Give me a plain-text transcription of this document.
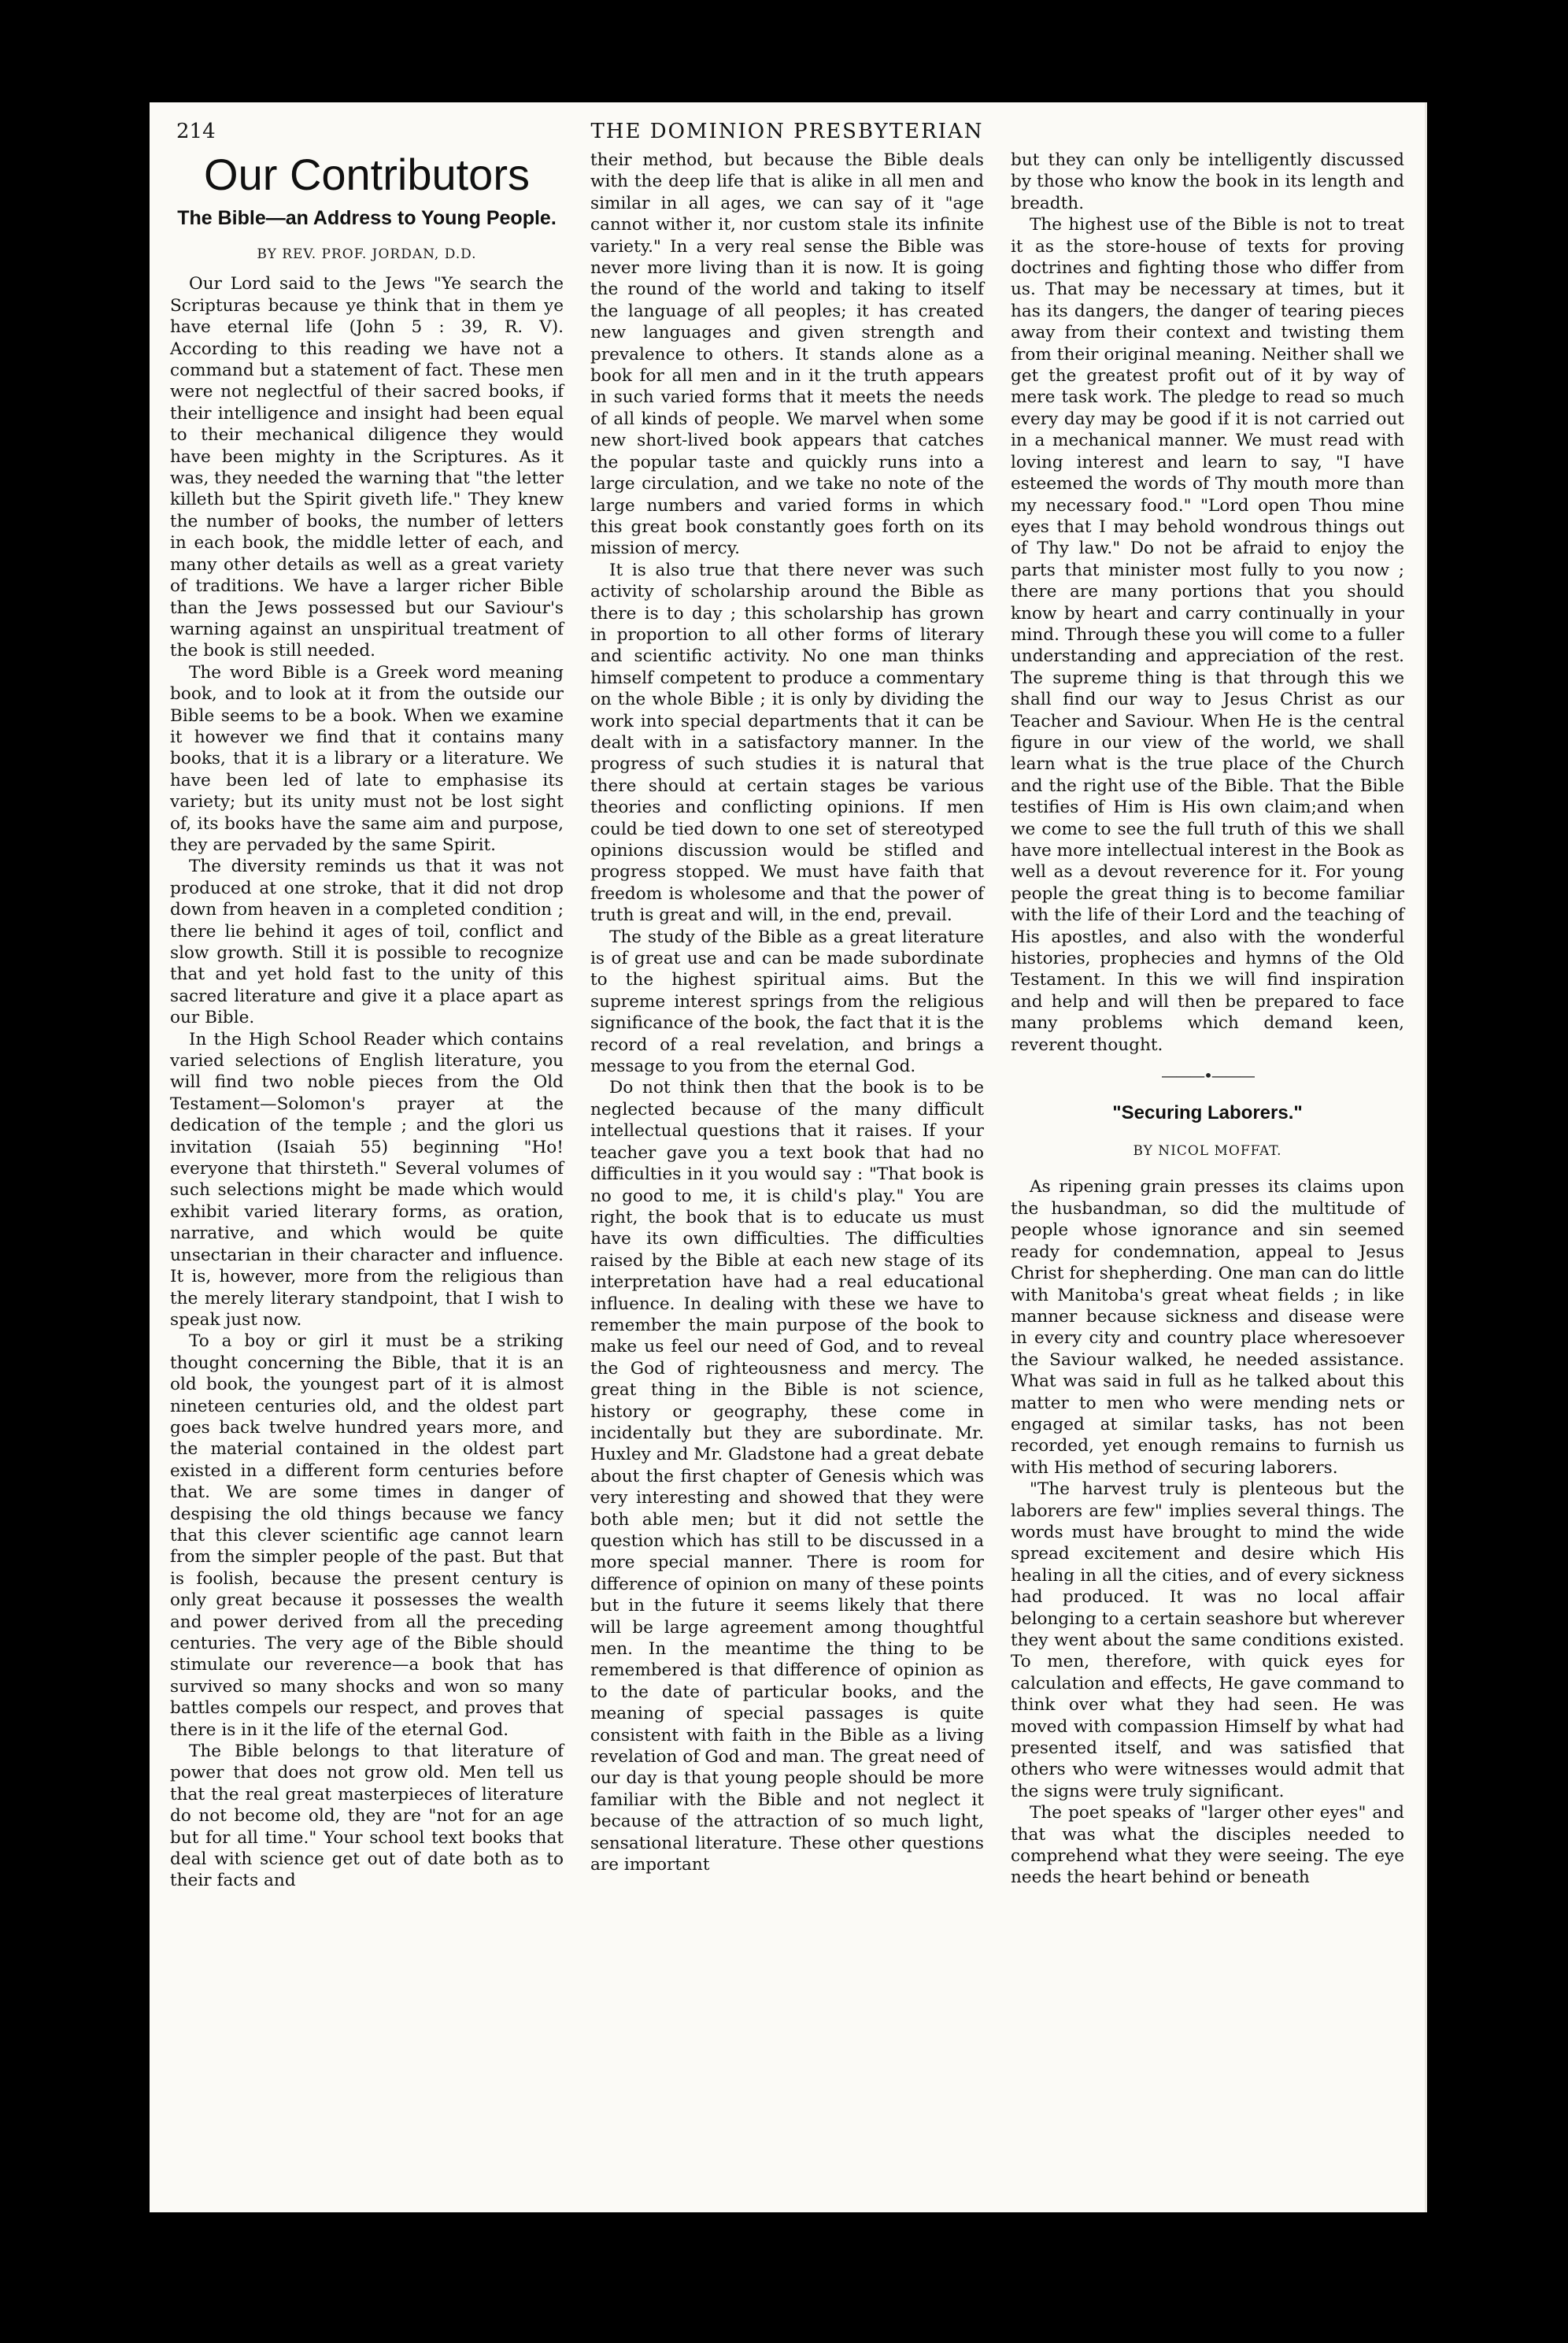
214	THE DOMINION PRESBYTERIAN
Our Contributors
The Bible—an Address to Young People.
BY REV. PROF. JORDAN, D.D.

Our Lord said to the Jews "Ye search the Scripturas because ye think that in them ye have eternal life (John 5 : 39, R. V). According to this reading we have not a command but a statement of fact. These men were not neglectful of their sacred books, if their intelligence and insight had been equal to their mechanical diligence they would have been mighty in the Scriptures. As it was, they needed the warning that "the letter killeth but the Spirit giveth life." They knew the number of books, the number of letters in each book, the middle letter of each, and many other details as well as a great variety of traditions. We have a larger richer Bible than the Jews possessed but our Saviour's warning against an unspiritual treatment of the book is still needed.

The word Bible is a Greek word meaning book, and to look at it from the outside our Bible seems to be a book. When we examine it however we find that it contains many books, that it is a library or a literature. We have been led of late to emphasise its variety; but its unity must not be lost sight of, its books have the same aim and purpose, they are pervaded by the same Spirit.

The diversity reminds us that it was not produced at one stroke, that it did not drop down from heaven in a completed condition ; there lie behind it ages of toil, conflict and slow growth. Still it is possible to recognize that and yet hold fast to the unity of this sacred literature and give it a place apart as our Bible.

In the High School Reader which contains varied selections of English literature, you will find two noble pieces from the Old Testament—Solomon's prayer at the dedication of the temple ; and the glori us invitation (Isaiah 55) beginning "Ho! everyone that thirsteth." Several volumes of such selections might be made which would exhibit varied literary forms, as oration, narrative, and which would be quite unsectarian in their character and influence. It is, however, more from the religious than the merely literary standpoint, that I wish to speak just now.

To a boy or girl it must be a striking thought concerning the Bible, that it is an old book, the youngest part of it is almost nineteen centuries old, and the oldest part goes back twelve hundred years more, and the material contained in the oldest part existed in a different form centuries before that. We are some times in danger of despising the old things because we fancy that this clever scientific age cannot learn from the simpler people of the past. But that is foolish, because the present century is only great because it possesses the wealth and power derived from all the preceding centuries. The very age of the Bible should stimulate our reverence—a book that has survived so many shocks and won so many battles compels our respect, and proves that there is in it the life of the eternal God.

The Bible belongs to that literature of power that does not grow old. Men tell us that the real great masterpieces of literature do not become old, they are "not for an age but for all time." Your school text books that deal with science get out of date both as to their facts and

their method, but because the Bible deals with the deep life that is alike in all men and similar in all ages, we can say of it "age cannot wither it, nor custom stale its infinite variety." In a very real sense the Bible was never more living than it is now. It is going the round of the world and taking to itself the language of all peoples; it has created new languages and given strength and prevalence to others. It stands alone as a book for all men and in it the truth appears in such varied forms that it meets the needs of all kinds of people. We marvel when some new short-lived book appears that catches the popular taste and quickly runs into a large circulation, and we take no note of the large numbers and varied forms in which this great book constantly goes forth on its mission of mercy.

It is also true that there never was such activity of scholarship around the Bible as there is to day ; this scholarship has grown in proportion to all other forms of literary and scientific activity. No one man thinks himself competent to produce a commentary on the whole Bible ; it is only by dividing the work into special departments that it can be dealt with in a satisfactory manner. In the progress of such studies it is natural that there should at certain stages be various theories and conflicting opinions. If men could be tied down to one set of stereotyped opinions discussion would be stifled and progress stopped. We must have faith that freedom is wholesome and that the power of truth is great and will, in the end, prevail.

The study of the Bible as a great literature is of great use and can be made subordinate to the highest spiritual aims. But the supreme interest springs from the religious significance of the book, the fact that it is the record of a real revelation, and brings a message to you from the eternal God.

Do not think then that the book is to be neglected because of the many difficult intellectual questions that it raises. If your teacher gave you a text book that had no difficulties in it you would say : "That book is no good to me, it is child's play." You are right, the book that is to educate us must have its own difficulties. The difficulties raised by the Bible at each new stage of its interpretation have had a real educational influence. In dealing with these we have to remember the main purpose of the book to make us feel our need of God, and to reveal the God of righteousness and mercy. The great thing in the Bible is not science, history or geography, these come in incidentally but they are subordinate. Mr. Huxley and Mr. Gladstone had a great debate about the first chapter of Genesis which was very interesting and showed that they were both able men; but it did not settle the question which has still to be discussed in a more special manner. There is room for difference of opinion on many of these points but in the future it seems likely that there will be large agreement among thoughtful men. In the meantime the thing to be remembered is that difference of opinion as to the date of particular books, and the meaning of special passages is quite consistent with faith in the Bible as a living revelation of God and man. The great need of our day is that young people should be more familiar with the Bible and not neglect it because of the attraction of so much light, sensational literature. These other questions are important

but they can only be intelligently discussed by those who know the book in its length and breadth.

The highest use of the Bible is not to treat it as the store-house of texts for proving doctrines and fighting those who differ from us. That may be necessary at times, but it has its dangers, the danger of tearing pieces away from their context and twisting them from their original meaning. Neither shall we get the greatest profit out of it by way of mere task work. The pledge to read so much every day may be good if it is not carried out in a mechanical manner. We must read with loving interest and learn to say, "I have esteemed the words of Thy mouth more than my necessary food." "Lord open Thou mine eyes that I may behold wondrous things out of Thy law." Do not be afraid to enjoy the parts that minister most fully to you now ; there are many portions that you should know by heart and carry continually in your mind. Through these you will come to a fuller understanding and appreciation of the rest. The supreme thing is that through this we shall find our way to Jesus Christ as our Teacher and Saviour. When He is the central figure in our view of the world, we shall learn what is the true place of the Church and the right use of the Bible. That the Bible testifies of Him is His own claim;and when we come to see the full truth of this we shall have more intellectual interest in the Book as well as a devout reverence for it. For young people the great thing is to become familiar with the life of their Lord and the teaching of His apostles, and also with the wonderful histories, prophecies and hymns of the Old Testament. In this we will find inspiration and help and will then be prepared to face many problems which demand keen, reverent thought.

———•———
"Securing Laborers."
BY NICOL MOFFAT.

As ripening grain presses its claims upon the husbandman, so did the multitude of people whose ignorance and sin seemed ready for condemnation, appeal to Jesus Christ for shepherding. One man can do little with Manitoba's great wheat fields ; in like manner because sickness and disease were in every city and country place wheresoever the Saviour walked, he needed assistance. What was said in full as he talked about this matter to men who were mending nets or engaged at similar tasks, has not been recorded, yet enough remains to furnish us with His method of securing laborers.

"The harvest truly is plenteous but the laborers are few" implies several things. The words must have brought to mind the wide spread excitement and desire which His healing in all the cities, and of every sickness had produced. It was no local affair belonging to a certain seashore but wherever they went about the same conditions existed. To men, therefore, with quick eyes for calculation and effects, He gave command to think over what they had seen. He was moved with compassion Himself by what had presented itself, and was satisfied that others who were witnesses would admit that the signs were truly significant.

The poet speaks of "larger other eyes" and that was what the disciples needed to comprehend what they were seeing. The eye needs the heart behind or beneath
